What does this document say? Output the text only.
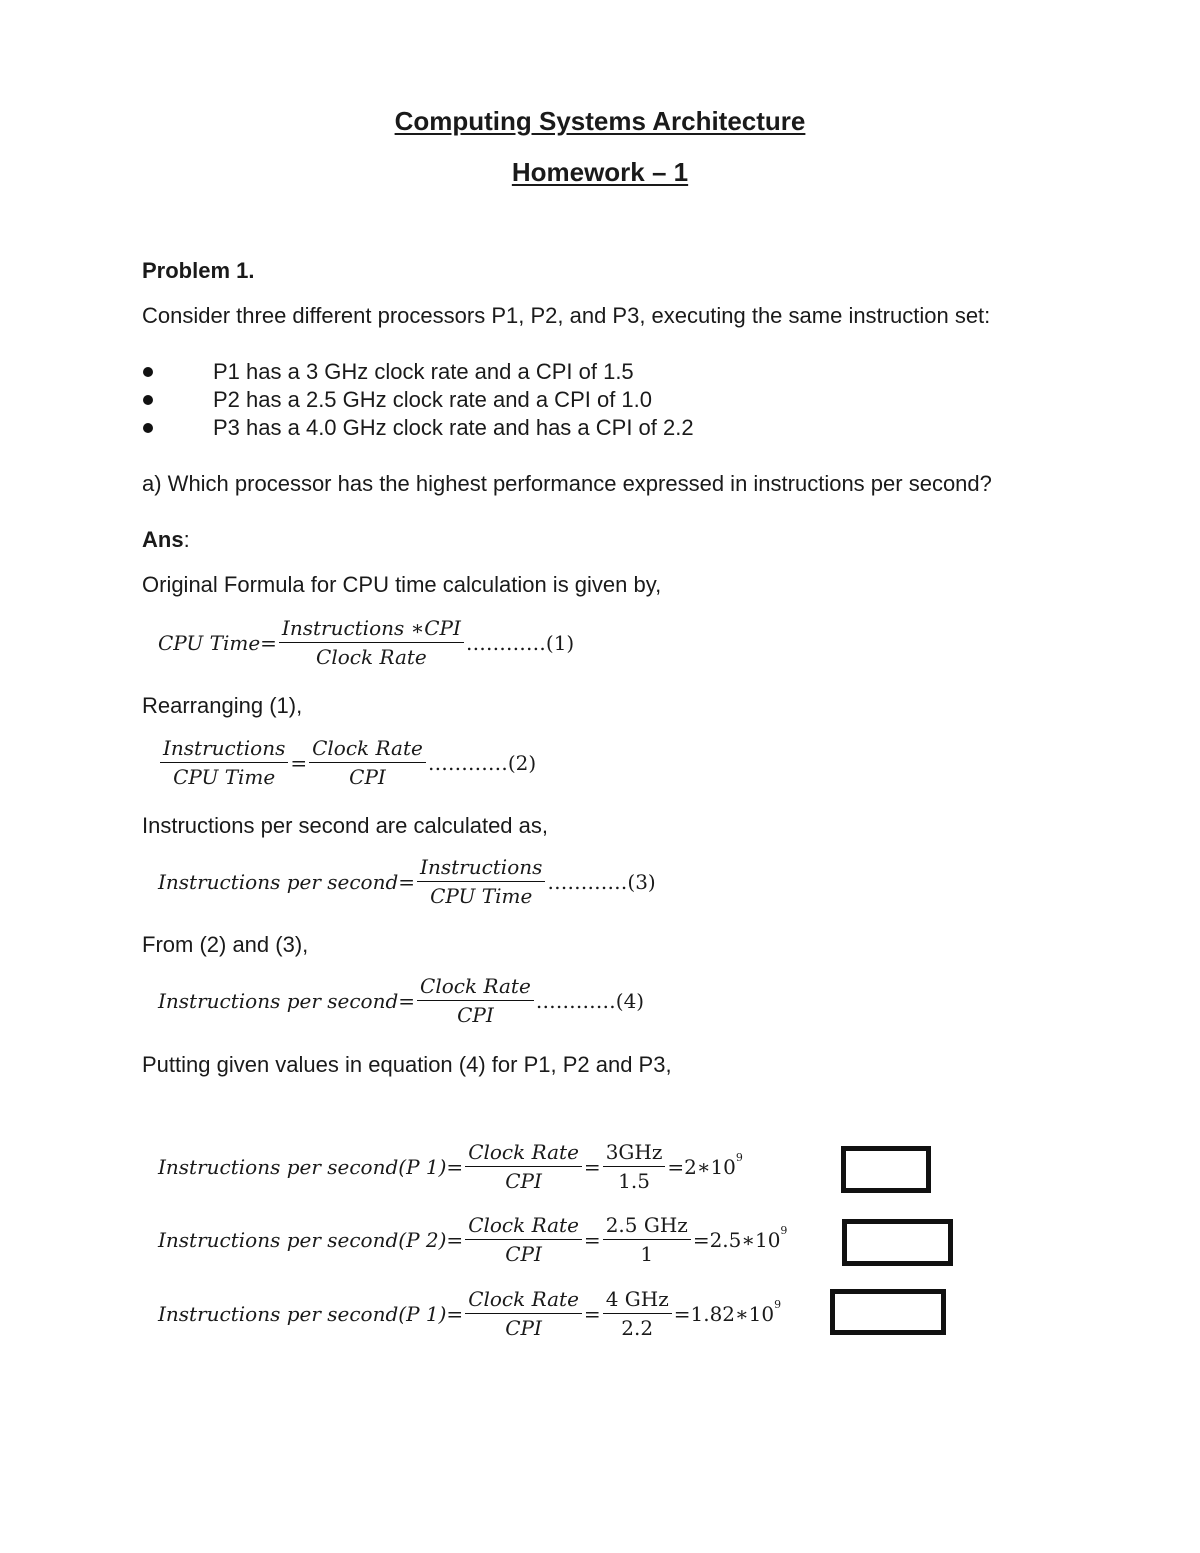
Computing Systems Architecture
Homework – 1
Problem 1.
Consider three different processors P1, P2, and P3, executing the same instruction set:
P1 has a 3 GHz clock rate and a CPI of 1.5
P2 has a 2.5 GHz clock rate and a CPI of 1.0
P3 has a 4.0 GHz clock rate and has a CPI of 2.2
a) Which processor has the highest performance expressed in instructions per second?
Ans:
Original Formula for CPU time calculation is given by,
CPU Time= $\frac{\text{Instructions ∗CPI}}{\text{Clock Rate}}$ …………(1)
Rearranging (1),
$\frac{\text{Instructions}}{\text{CPU Time}} = \frac{\text{Clock Rate}}{\text{CPI}}$ …………(2)
Instructions per second are calculated as,
Instructions per second= $\frac{\text{Instructions}}{\text{CPU Time}}$ …………(3)
From (2) and (3),
Instructions per second= $\frac{\text{Clock Rate}}{\text{CPI}}$ …………(4)
Putting given values in equation (4) for P1, P2 and P3,
Instructions per second(P $1)= \frac{\text{Clock Rate}}{\text{CPI}} = \frac{\text{3GHz}}{1.5}$ =2∗10 9
Instructions per second(P $2)= \frac{\text{Clock Rate}}{\text{CPI}} = \frac{\text{2.5 GHz}}{1}$ =2.5∗10 9
Instructions per second(P $1)= \frac{\text{Clock Rate}}{\text{CPI}} = \frac{\text{4 GHz}}{2.2}$ =1.82∗10 9
